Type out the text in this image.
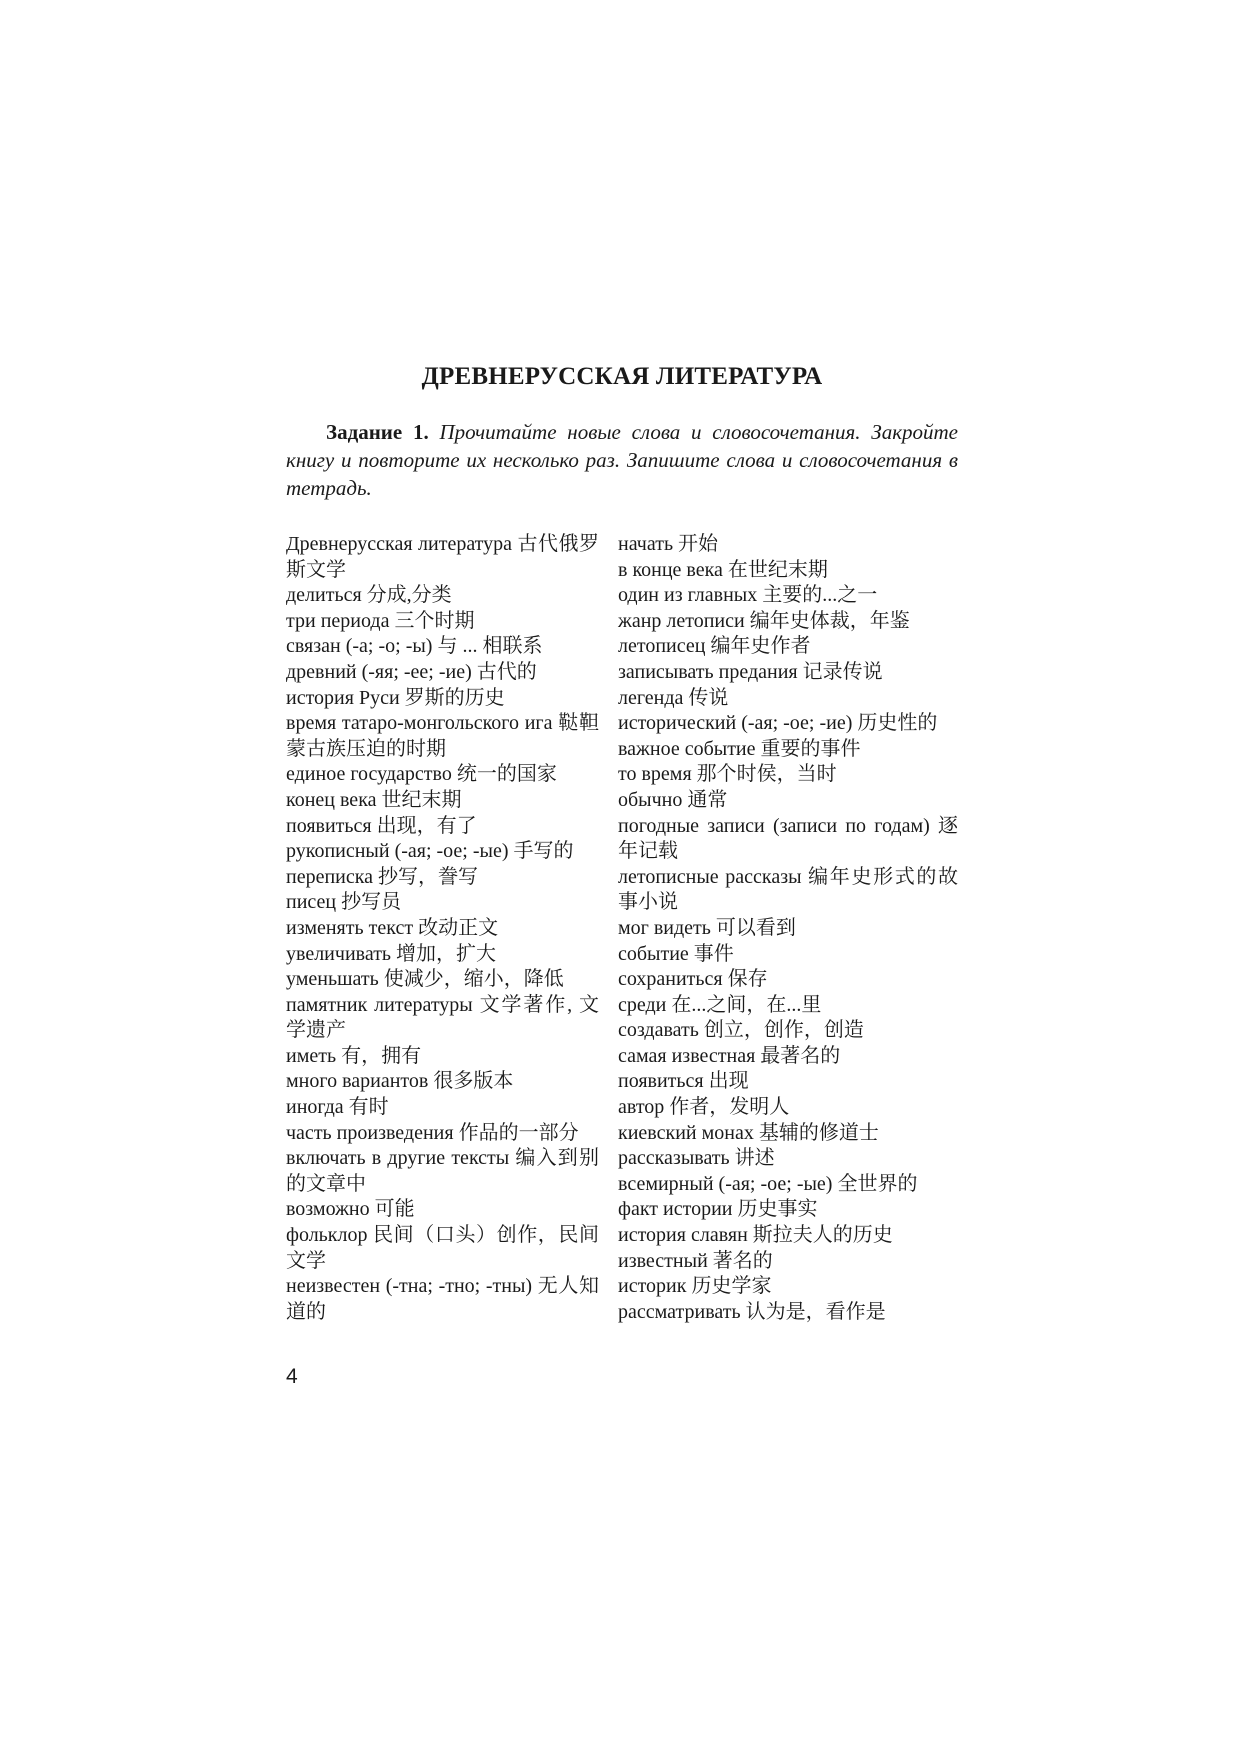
ДРЕВНЕРУССКАЯ ЛИТЕРАТУРА

Задание 1. Прочитайте новые слова и словосочетания. Закройте книгу и повторите их несколько раз. Запишите слова и словосочетания в тетрадь.

Древнерусская литература 古代俄罗斯文学
делиться 分成,分类
три периода 三个时期
связан (-а; -о; -ы) 与 ... 相联系
древний (-яя; -ее; -ие) 古代的
история Руси 罗斯的历史
время татаро-монгольского ига 鞑靼蒙古族压迫的时期
единое государство 统一的国家
конец века 世纪末期
появиться 出现，有了
рукописный (-ая; -ое; -ые) 手写的
переписка 抄写，誊写
писец 抄写员
изменять текст 改动正文
увеличивать 增加，扩大
уменьшать 使减少，缩小，降低
памятник литературы 文学著作, 文学遗产
иметь 有，拥有
много вариантов 很多版本
иногда 有时
часть произведения 作品的一部分
включать в другие тексты 编入到别的文章中
возможно 可能
фольклор 民间（口头）创作，民间文学
неизвестен (-тна; -тно; -тны) 无人知道的
начать 开始
в конце века 在世纪末期
один из главных 主要的...之一
жанр летописи 编年史体裁，年鉴
летописец 编年史作者
записывать предания 记录传说
легенда 传说
исторический (-ая; -ое; -ие) 历史性的
важное событие 重要的事件
то время 那个时侯，当时
обычно 通常
погодные записи (записи по годам) 逐年记载
летописные рассказы 编年史形式的故事小说
мог видеть 可以看到
событие 事件
сохраниться 保存
среди 在...之间，在...里
создавать 创立，创作，创造
самая известная 最著名的
появиться 出现
автор 作者，发明人
киевский монах 基辅的修道士
рассказывать 讲述
всемирный (-ая; -ое; -ые) 全世界的
факт истории 历史事实
история славян 斯拉夫人的历史
известный 著名的
историк 历史学家
рассматривать 认为是，看作是
4
